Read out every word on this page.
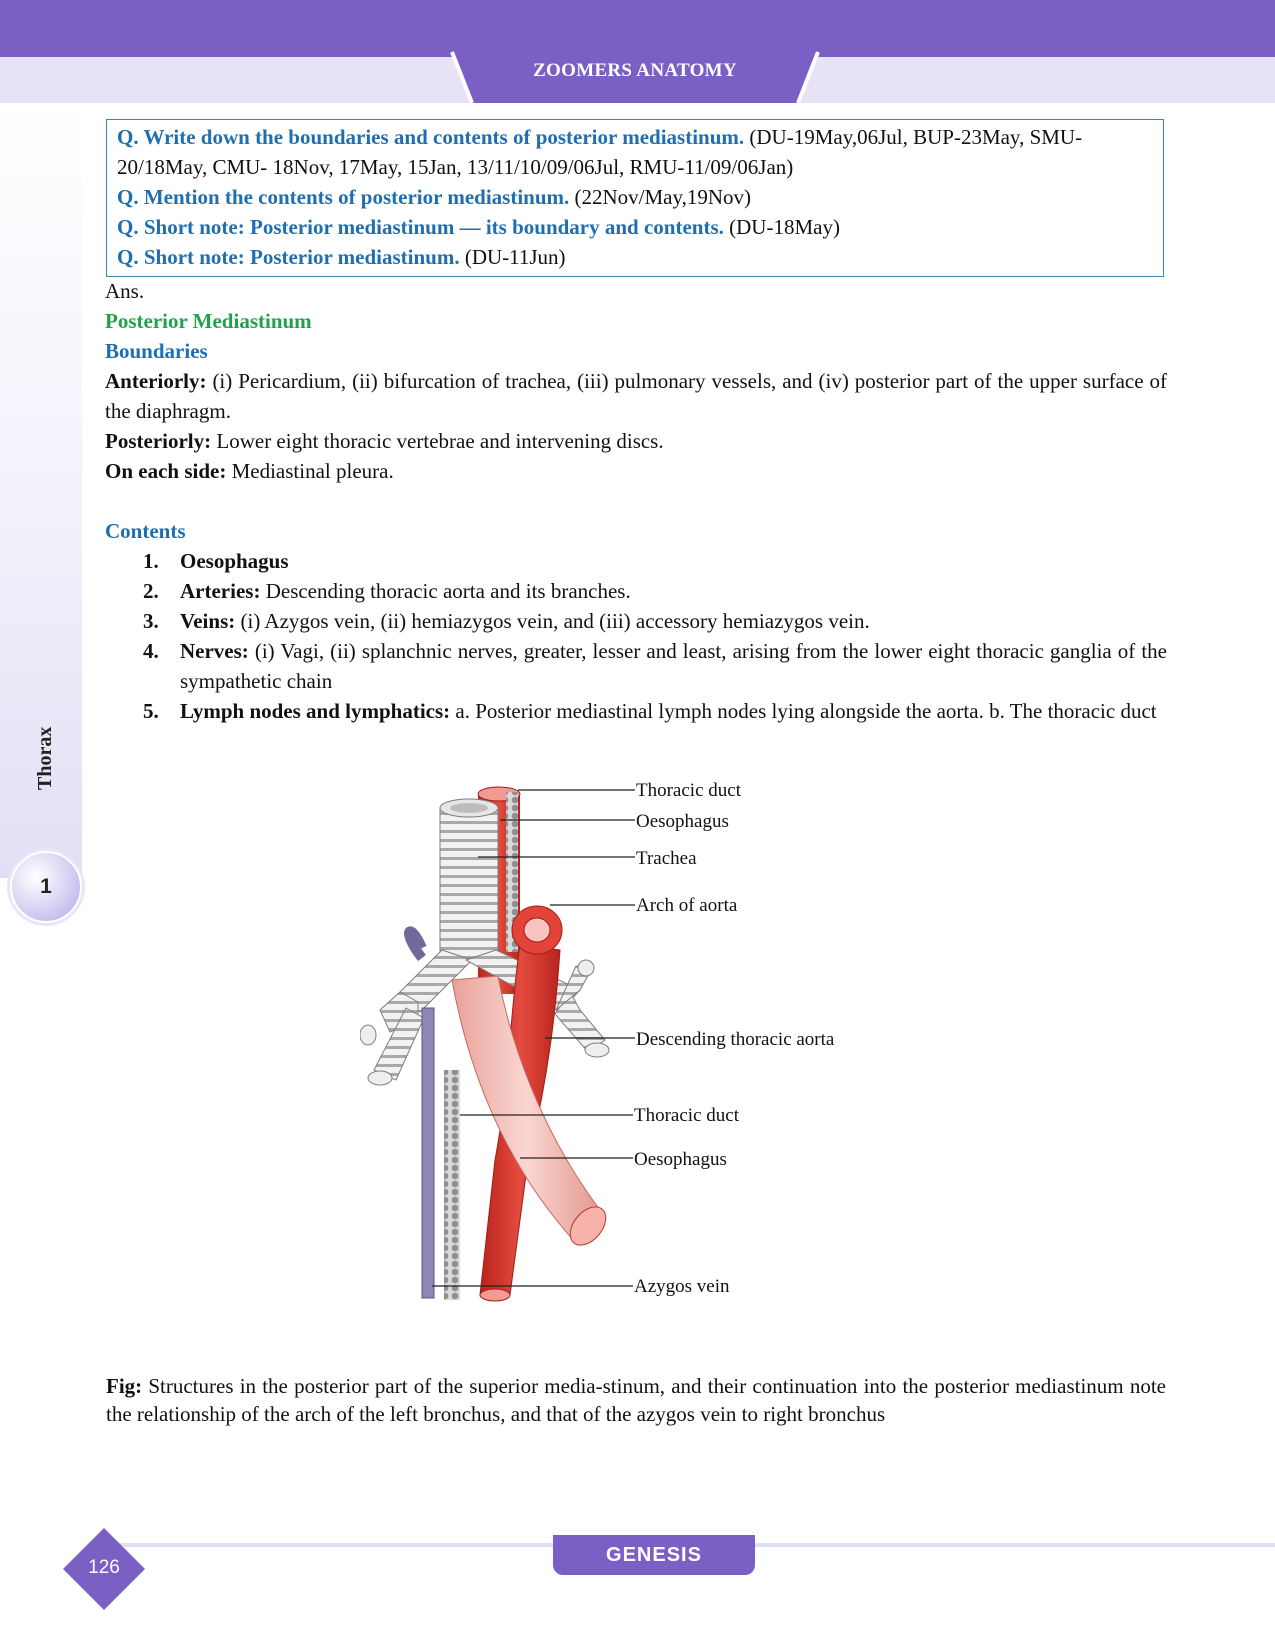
ZOOMERS ANATOMY
Thorax
1
Q. Write down the boundaries and contents of posterior mediastinum. (DU-19May,06Jul, BUP-23May, SMU-20/18May, CMU- 18Nov, 17May, 15Jan, 13/11/10/09/06Jul, RMU-11/09/06Jan)
Q. Mention the contents of posterior mediastinum. (22Nov/May,19Nov)
Q. Short note: Posterior mediastinum — its boundary and contents. (DU-18May)
Q. Short note: Posterior mediastinum. (DU-11Jun)
Ans.
Posterior Mediastinum
Boundaries
Anteriorly: (i) Pericardium, (ii) bifurcation of trachea, (iii) pulmonary vessels, and (iv) posterior part of the upper surface of the diaphragm.
Posteriorly: Lower eight thoracic vertebrae and intervening discs.
On each side: Mediastinal pleura.
Contents
1. Oesophagus
2. Arteries: Descending thoracic aorta and its branches.
3. Veins: (i) Azygos vein, (ii) hemiazygos vein, and (iii) accessory hemiazygos vein.
4. Nerves: (i) Vagi, (ii) splanchnic nerves, greater, lesser and least, arising from the lower eight thoracic ganglia of the sympathetic chain
5. Lymph nodes and lymphatics: a. Posterior mediastinal lymph nodes lying alongside the aorta. b. The thoracic duct
Thoracic duct
Oesophagus
Trachea
Arch of aorta
Descending thoracic aorta
Thoracic duct
Oesophagus
Azygos vein
Fig: Structures in the posterior part of the superior media-stinum, and their continuation into the posterior mediastinum note the relationship of the arch of the left bronchus, and that of the azygos vein to right bronchus
GENESIS
126
